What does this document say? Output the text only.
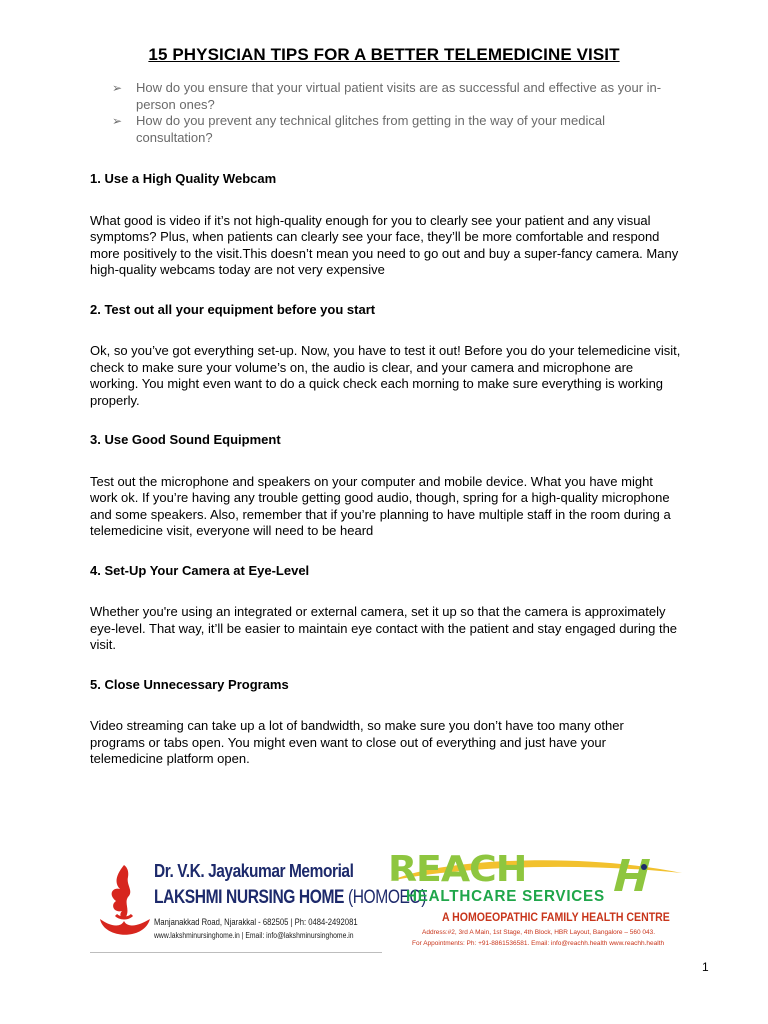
15 PHYSICIAN TIPS FOR A BETTER TELEMEDICINE VISIT
➢ How do you ensure that your virtual patient visits are as successful and effective as your in-person ones?
➢ How do you prevent any technical glitches from getting in the way of your medical consultation?
1. Use a High Quality Webcam

What good is video if it’s not high-quality enough for you to clearly see your patient and any visual symptoms? Plus, when patients can clearly see your face, they’ll be more comfortable and respond more positively to the visit.This doesn’t mean you need to go out and buy a super-fancy camera. Many high-quality webcams today are not very expensive

2. Test out all your equipment before you start

Ok, so you’ve got everything set-up. Now, you have to test it out! Before you do your telemedicine visit, check to make sure your volume’s on, the audio is clear, and your camera and microphone are working. You might even want to do a quick check each morning to make sure everything is working properly.

3. Use Good Sound Equipment

Test out the microphone and speakers on your computer and mobile device. What you have might work ok. If you’re having any trouble getting good audio, though, spring for a high-quality microphone and some speakers. Also, remember that if you’re planning to have multiple staff in the room during a telemedicine visit, everyone will need to be heard

4. Set-Up Your Camera at Eye-Level

Whether you're using an integrated or external camera, set it up so that the camera is approximately eye-level. That way, it’ll be easier to maintain eye contact with the patient and stay engaged during the visit.

5. Close Unnecessary Programs

Video streaming can take up a lot of bandwidth, so make sure you don’t have too many other programs or tabs open. You might even want to close out of everything and just have your telemedicine platform open.

Dr. V.K. Jayakumar Memorial
LAKSHMI NURSING HOME (HOMOEO)
Manjanakkad Road, Njarakkal - 682505 | Ph: 0484-2492081
www.lakshminursinghome.in | Email: info@lakshminursinghome.in
REACH
HEALTHCARE SERVICES
A HOMOEOPATHIC FAMILY HEALTH CENTRE
Address:#2, 3rd A Main, 1st Stage, 4th Block, HBR Layout, Bangalore – 560 043.
For Appointments: Ph: +91-8861536581. Email: info@reachh.health www.reachh.health
1
